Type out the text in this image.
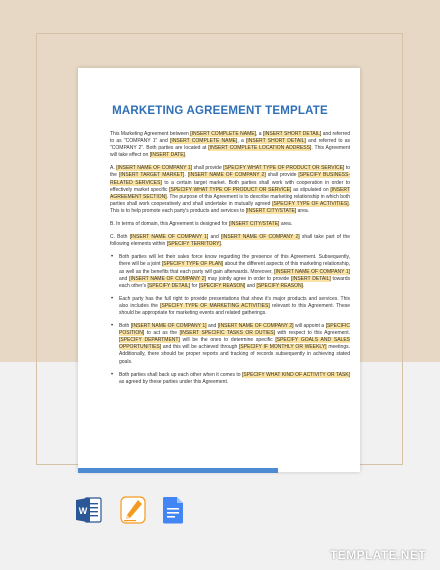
MARKETING AGREEMENT TEMPLATE

This Marketing Agreement between [INSERT COMPLETE NAME], a [INSERT SHORT DETAIL] and referred to as "COMPANY 1" and [INSERT COMPLETE NAME], a [INSERT SHORT DETAIL] and referred to as "COMPANY 2". Both parties are located at [INSERT COMPLETE LOCATION ADDRESS]. This Agreement will take effect on [INSERT DATE].

A. [INSERT NAME OF COMPANY 1] shall provide [SPECIFY WHAT TYPE OF PRODUCT OR SERVICE] to the [INSERT TARGET MARKET]. [INSERT NAME OF COMPANY 2] shall provide [SPECIFY BUSINESS-RELATED SERVICES] to a certain target market. Both parties shall work with cooperation in order to effectively market specific [SPECIFY WHAT TYPE OF PRODUCT OR SERVICE] as stipulated on [INSERT AGREEMENT SECTION]. The purpose of this Agreement is to describe marketing relationship in which both parties shall work cooperatively and shall undertake in mutually agreed [SPECIFY TYPE OF ACTIVITIES]. This is to help promote each party's products and services to [INSERT CITY/STATE] area.

B. In terms of domain, this Agreement is designed for [INSERT CITY/STATE] area.

C. Both [INSERT NAME OF COMPANY 1] and [INSERT NAME OF COMPANY 2] shall take part of the following elements within [SPECIFY TERRITORY].

• Both parties will let their sales force know regarding the presence of this Agreement. Subsequently, there will be a joint [SPECIFY TYPE OF PLAN] about the different aspects of this marketing relationship, as well as the benefits that each party will gain afterwards. Moreover, [INSERT NAME OF COMPANY 1] and [INSERT NAME OF COMPANY 2] may jointly agree in order to provide [INSERT DETAIL] towards each other's [SPECIFY DETAIL] for [SPECIFY REASON] and [SPECIFY REASON].
• Each party has the full right to provide presentations that show it's major products and services. This also includes the [SPECIFY TYPE OF MARKETING ACTIVITIES] relevant to this Agreement. These should be appropriate for marketing events and related gatherings.
• Both [INSERT NAME OF COMPANY 1] and [INSERT NAME OF COMPANY 2] will appoint a [SPECIFIC POSITION] to act as the [INSERT SPECIFIC TASKS OR DUTIES] with respect to this Agreement. [SPECIFY DEPARTMENT] will be the ones to determine specific [SPECIFY GOALS AND SALES OPPORTUNITIES] and this will be achieved through [SPECIFY IF MONTHLY OR WEEKLY] meetings. Additionally, there should be proper reports and tracking of records subsequently in achieving stated goals.
• Both parties shall back up each other when it comes to [SPECIFY WHAT KIND OF ACTIVITY OR TASK] as agreed by these parties under this Agreement.
W
TEMPLATE.NET
